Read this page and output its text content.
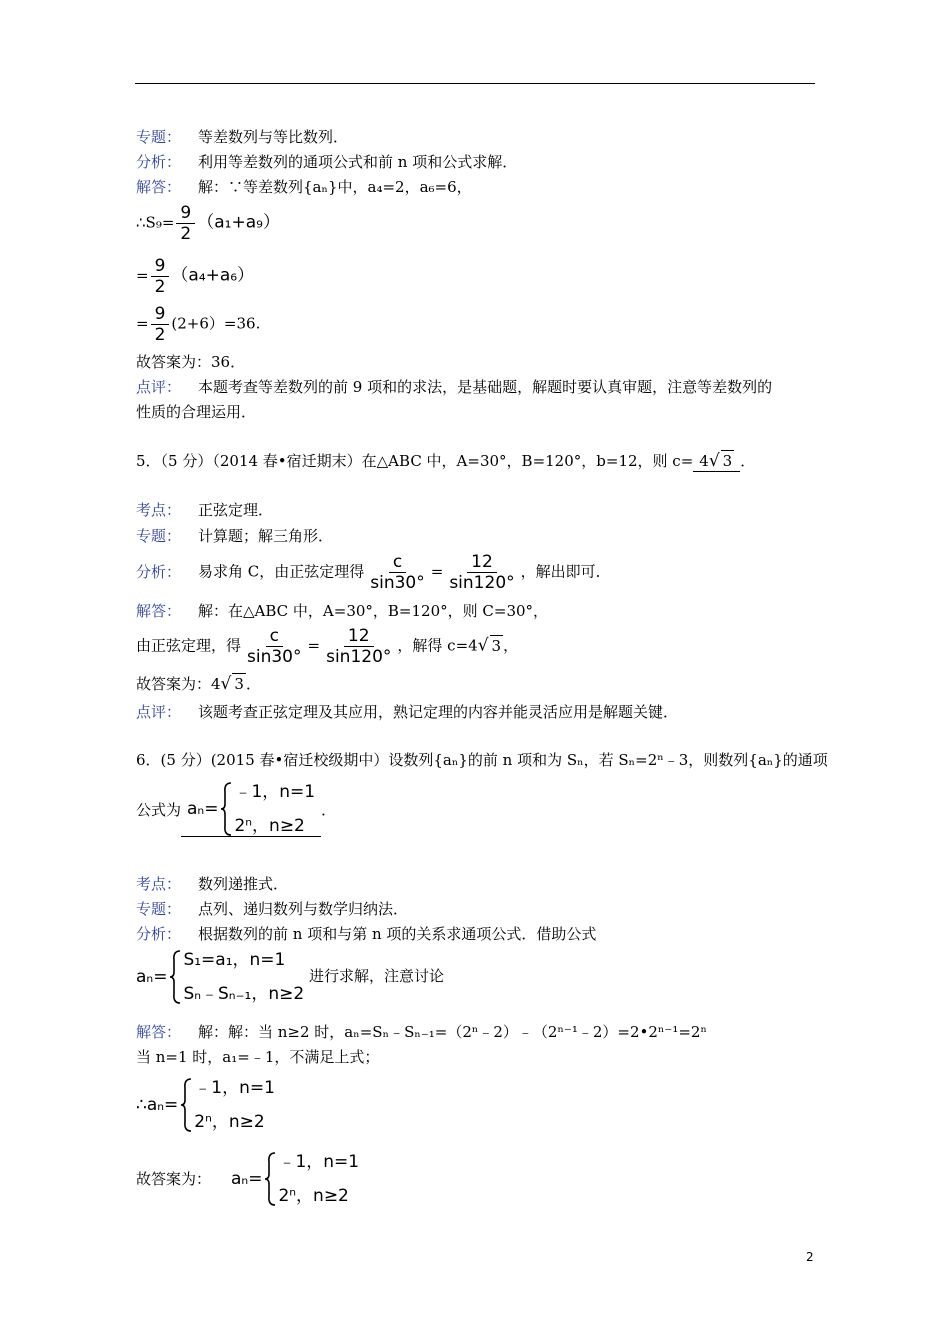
专题： 等差数列与等比数列．
分析： 利用等差数列的通项公式和前 n 项和公式求解．
解答： 解：∵等差数列{aₙ}中，a₄=2，a₆=6，
∴S₉= $\frac{9}{2} (a_1+a_9)$
= $\frac{9}{2} (a_4+a_6)$
= $\frac{9}{2} (2+6)=36$.
故答案为：36．
点评： 本题考查等差数列的前 9 项和的求法，是基础题，解题时要认真审题，注意等差数列的
性质的合理运用．
5．（5 分）（2014 春•宿迁期末）在△ABC 中，A=30°，B=120°，b=12，则 c= 4√ 3 ．
考点： 正弦定理．
专题： 计算题；解三角形．
分析： 易求角 C，由正弦定理得 $\frac{c}{\sin 30^\circ} = \frac{12}{\sin 120^\circ}$ ，解出即可．
解答： 解：在△ABC 中，A=30°，B=120°，则 C=30°，
由正弦定理，得 $\frac{c}{\sin 30^\circ} = \frac{12}{\sin 120^\circ}$ ，解得 c=4√ 3 ，
故答案为：4√ 3 ．
点评： 该题考查正弦定理及其应用，熟记定理的内容并能灵活应用是解题关键．
6．(5 分）(2015 春•宿迁校级期中）设数列{aₙ}的前 n 项和为 Sₙ，若 Sₙ=2ⁿ﹣3，则数列{aₙ}的通项
公式为 aₙ=
﹣1，n=1
2ⁿ，n≥2
．
考点： 数列递推式．
专题： 点列、递归数列与数学归纳法．
分析： 根据数列的前 n 项和与第 n 项的关系求通项公式．借助公式
aₙ=
S₁=a₁，n=1
Sₙ﹣Sₙ₋₁，n≥2
进行求解，注意讨论
解答： 解：解：当 n≥2 时，aₙ=Sₙ﹣Sₙ₋₁=（2ⁿ﹣2）﹣（2ⁿ⁻¹﹣2）=2•2ⁿ⁻¹=2ⁿ
当 n=1 时，a₁=﹣1，不满足上式；
∴ aₙ=
﹣1，n=1
2ⁿ，n≥2
故答案为： aₙ=
﹣1，n=1
2ⁿ，n≥2
2
